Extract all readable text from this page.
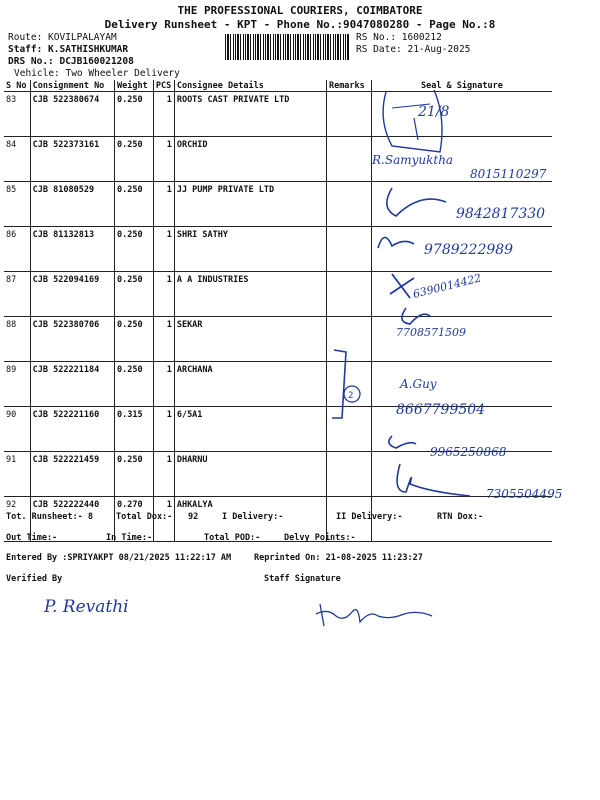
THE PROFESSIONAL COURIERS, COIMBATORE
Delivery Runsheet - KPT - Phone No.:9047080280 - Page No.:8
Route: KOVILPALAYAM
Staff: K.SATHISHKUMAR
DRS No.: DCJB160021208
Vehicle: Two Wheeler Delivery
RS No.: 1600212
RS Date: 21-Aug-2025
S No	Consignment No	Weight	PCS	Consignee Details	Remarks	Seal & Signature
83	CJB 522380674	0.250	1	ROOTS CAST PRIVATE LTD		
84	CJB 522373161	0.250	1	ORCHID		
85	CJB 81080529	0.250	1	JJ PUMP PRIVATE LTD		
86	CJB 81132813	0.250	1	SHRI SATHY		
87	CJB 522094169	0.250	1	A A INDUSTRIES		
88	CJB 522380706	0.250	1	SEKAR		
89	CJB 522221184	0.250	1	ARCHANA		
90	CJB 522221160	0.315	1	6/5A1		
91	CJB 522221459	0.250	1	DHARNU		
92	CJB 522222440	0.270	1	AHKALYA		
21/8
R.Samyuktha
8015110297
9842817330
9789222989
6390014422
7708571509
2
A.Guy
8667799504
9965250868
7305504495
Tot. Runsheet:- 8	Total Dox:- 92	I Delivery:-	II Delivery:-	RTN Dox:-
Out Time:-	In Time:-	Total POD:-	Delvy Points:-
Entered By :SPRIYAKPT 08/21/2025 11:22:17 AM	Reprinted On: 21-08-2025 11:23:27
Verified By	Staff Signature
P. Revathi
